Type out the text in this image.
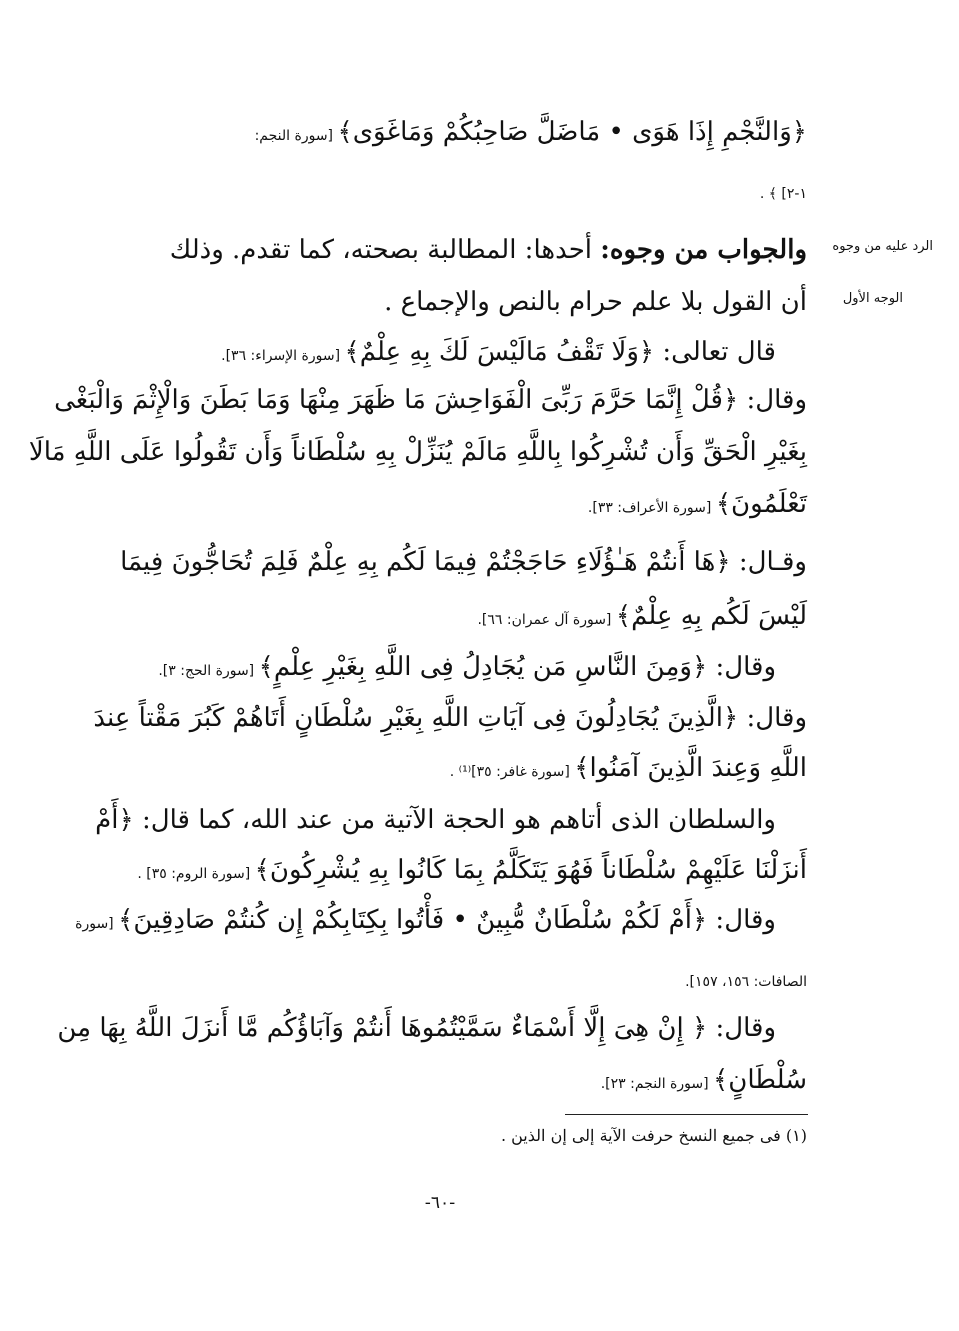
﴿وَالنَّجْمِ إِذَا هَوَى • مَاضَلَّ صَاحِبُكُمْ وَمَاغَوَى﴾ [سورة النجم:
١-٢] ﴾ .
والجواب من وجوه: أحدها: المطالبة بصحته، كما تقدم. وذلك
أن القول بلا علم حرام بالنص والإجماع .
قال تعالى: ﴿وَلَا تَقْفُ مَالَيْسَ لَكَ بِهِ عِلْمٌ﴾ [سورة الإسراء: ٣٦].
وقال: ﴿قُلْ إِنَّمَا حَرَّمَ رَبِّىَ الْفَوَاحِشَ مَا ظَهَرَ مِنْهَا وَمَا بَطَنَ وَالْإِثْمَ وَالْبَغْى
بِغَيْرِ الْحَقِّ وَأَن تُشْرِكُوا بِاللَّهِ مَالَمْ يُنَزِّلْ بِهِ سُلْطَاناً وَأَن تَقُولُوا عَلَى اللَّهِ مَالَا
تَعْلَمُونَ﴾ [سورة الأعراف: ٣٣].
وقـال: ﴿هَا أَنتُمْ هَـٰؤُلَاءِ حَاجَجْتُمْ فِيمَا لَكُم بِهِ عِلْمٌ فَلِمَ تُحَاجُّونَ فِيمَا
لَيْسَ لَكُم بِهِ عِلْمٌ﴾ [سورة آل عمران: ٦٦].
وقال: ﴿وَمِنَ النَّاسِ مَن يُجَادِلُ فِى اللَّهِ بِغَيْرِ عِلْمٍ﴾ [سورة الحج: ٣].
وقال: ﴿الَّذِينَ يُجَادِلُونَ فِى آيَاتِ اللَّهِ بِغَيْرِ سُلْطَانٍ أَتَاهُمْ كَبُرَ مَقْتاً عِندَ
اللَّهِ وَعِندَ الَّذِينَ آمَنُوا﴾ [سورة غافر: ٣٥]⁽¹⁾ .
والسلطان الذى أتاهم هو الحجة الآتية من عند الله، كما قال: ﴿أَمْ
أَنزَلْنَا عَلَيْهِمْ سُلْطَاناً فَهُوَ يَتَكَلَّمُ بِمَا كَانُوا بِهِ يُشْرِكُونَ﴾ [سورة الروم: ٣٥] .
وقال: ﴿أَمْ لَكُمْ سُلْطَانٌ مُّبِينٌ • فَأْتُوا بِكِتَابِكُمْ إِن كُنتُمْ صَادِقِينَ﴾ [سورة
الصافات: ١٥٦، ١٥٧].
وقال: ﴿ إِنْ هِىَ إِلَّا أَسْمَاءٌ سَمَّيْتُمُوهَا أَنتُمْ وَآبَاؤُكُم مَّا أَنزَلَ اللَّهُ بِهَا مِن
سُلْطَانٍ﴾ [سورة النجم: ٢٣].
الرد عليه من وجوه
الوجه الأول
(١) فى جميع النسخ حرفت الآية إلى إن الذين .
-٦٠-
